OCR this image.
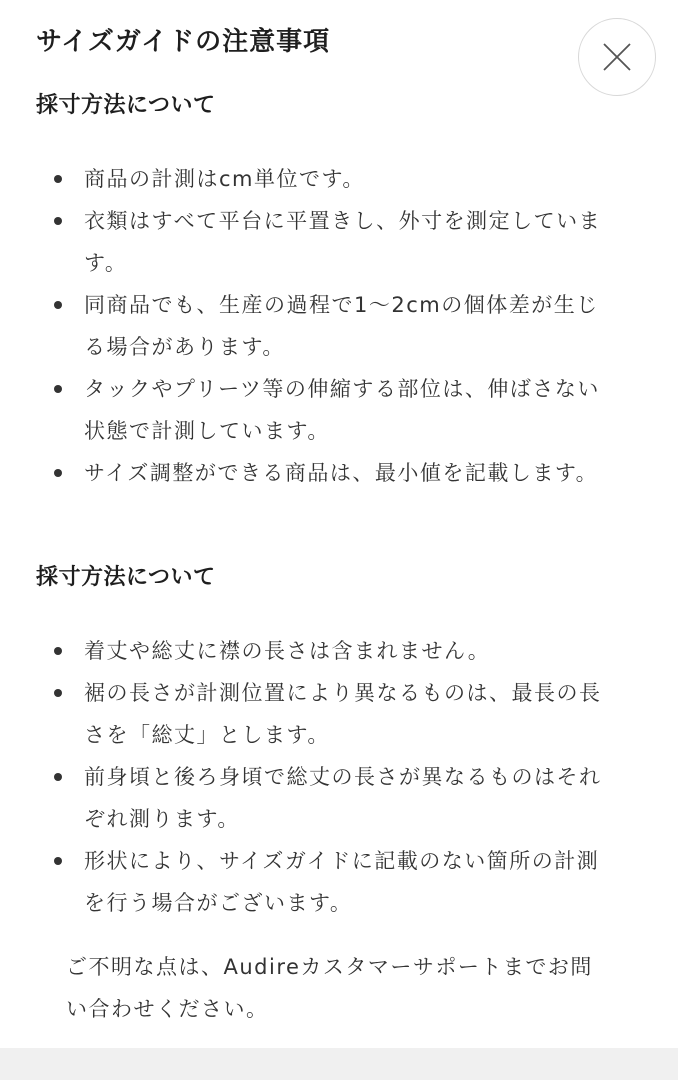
サイズガイドの注意事項
採寸方法について
商品の計測はcm単位です。
衣類はすべて平台に平置きし、外寸を測定しています。
同商品でも、生産の過程で1〜2cmの個体差が生じる場合があります。
タックやプリーツ等の伸縮する部位は、伸ばさない状態で計測しています。
サイズ調整ができる商品は、最小値を記載します。
採寸方法について
着丈や総丈に襟の長さは含まれません。
裾の長さが計測位置により異なるものは、最長の長さを「総丈」とします。
前身頃と後ろ身頃で総丈の長さが異なるものはそれぞれ測ります。
形状により、サイズガイドに記載のない箇所の計測を行う場合がございます。

ご不明な点は、Audireカスタマーサポートまでお問い合わせください。
